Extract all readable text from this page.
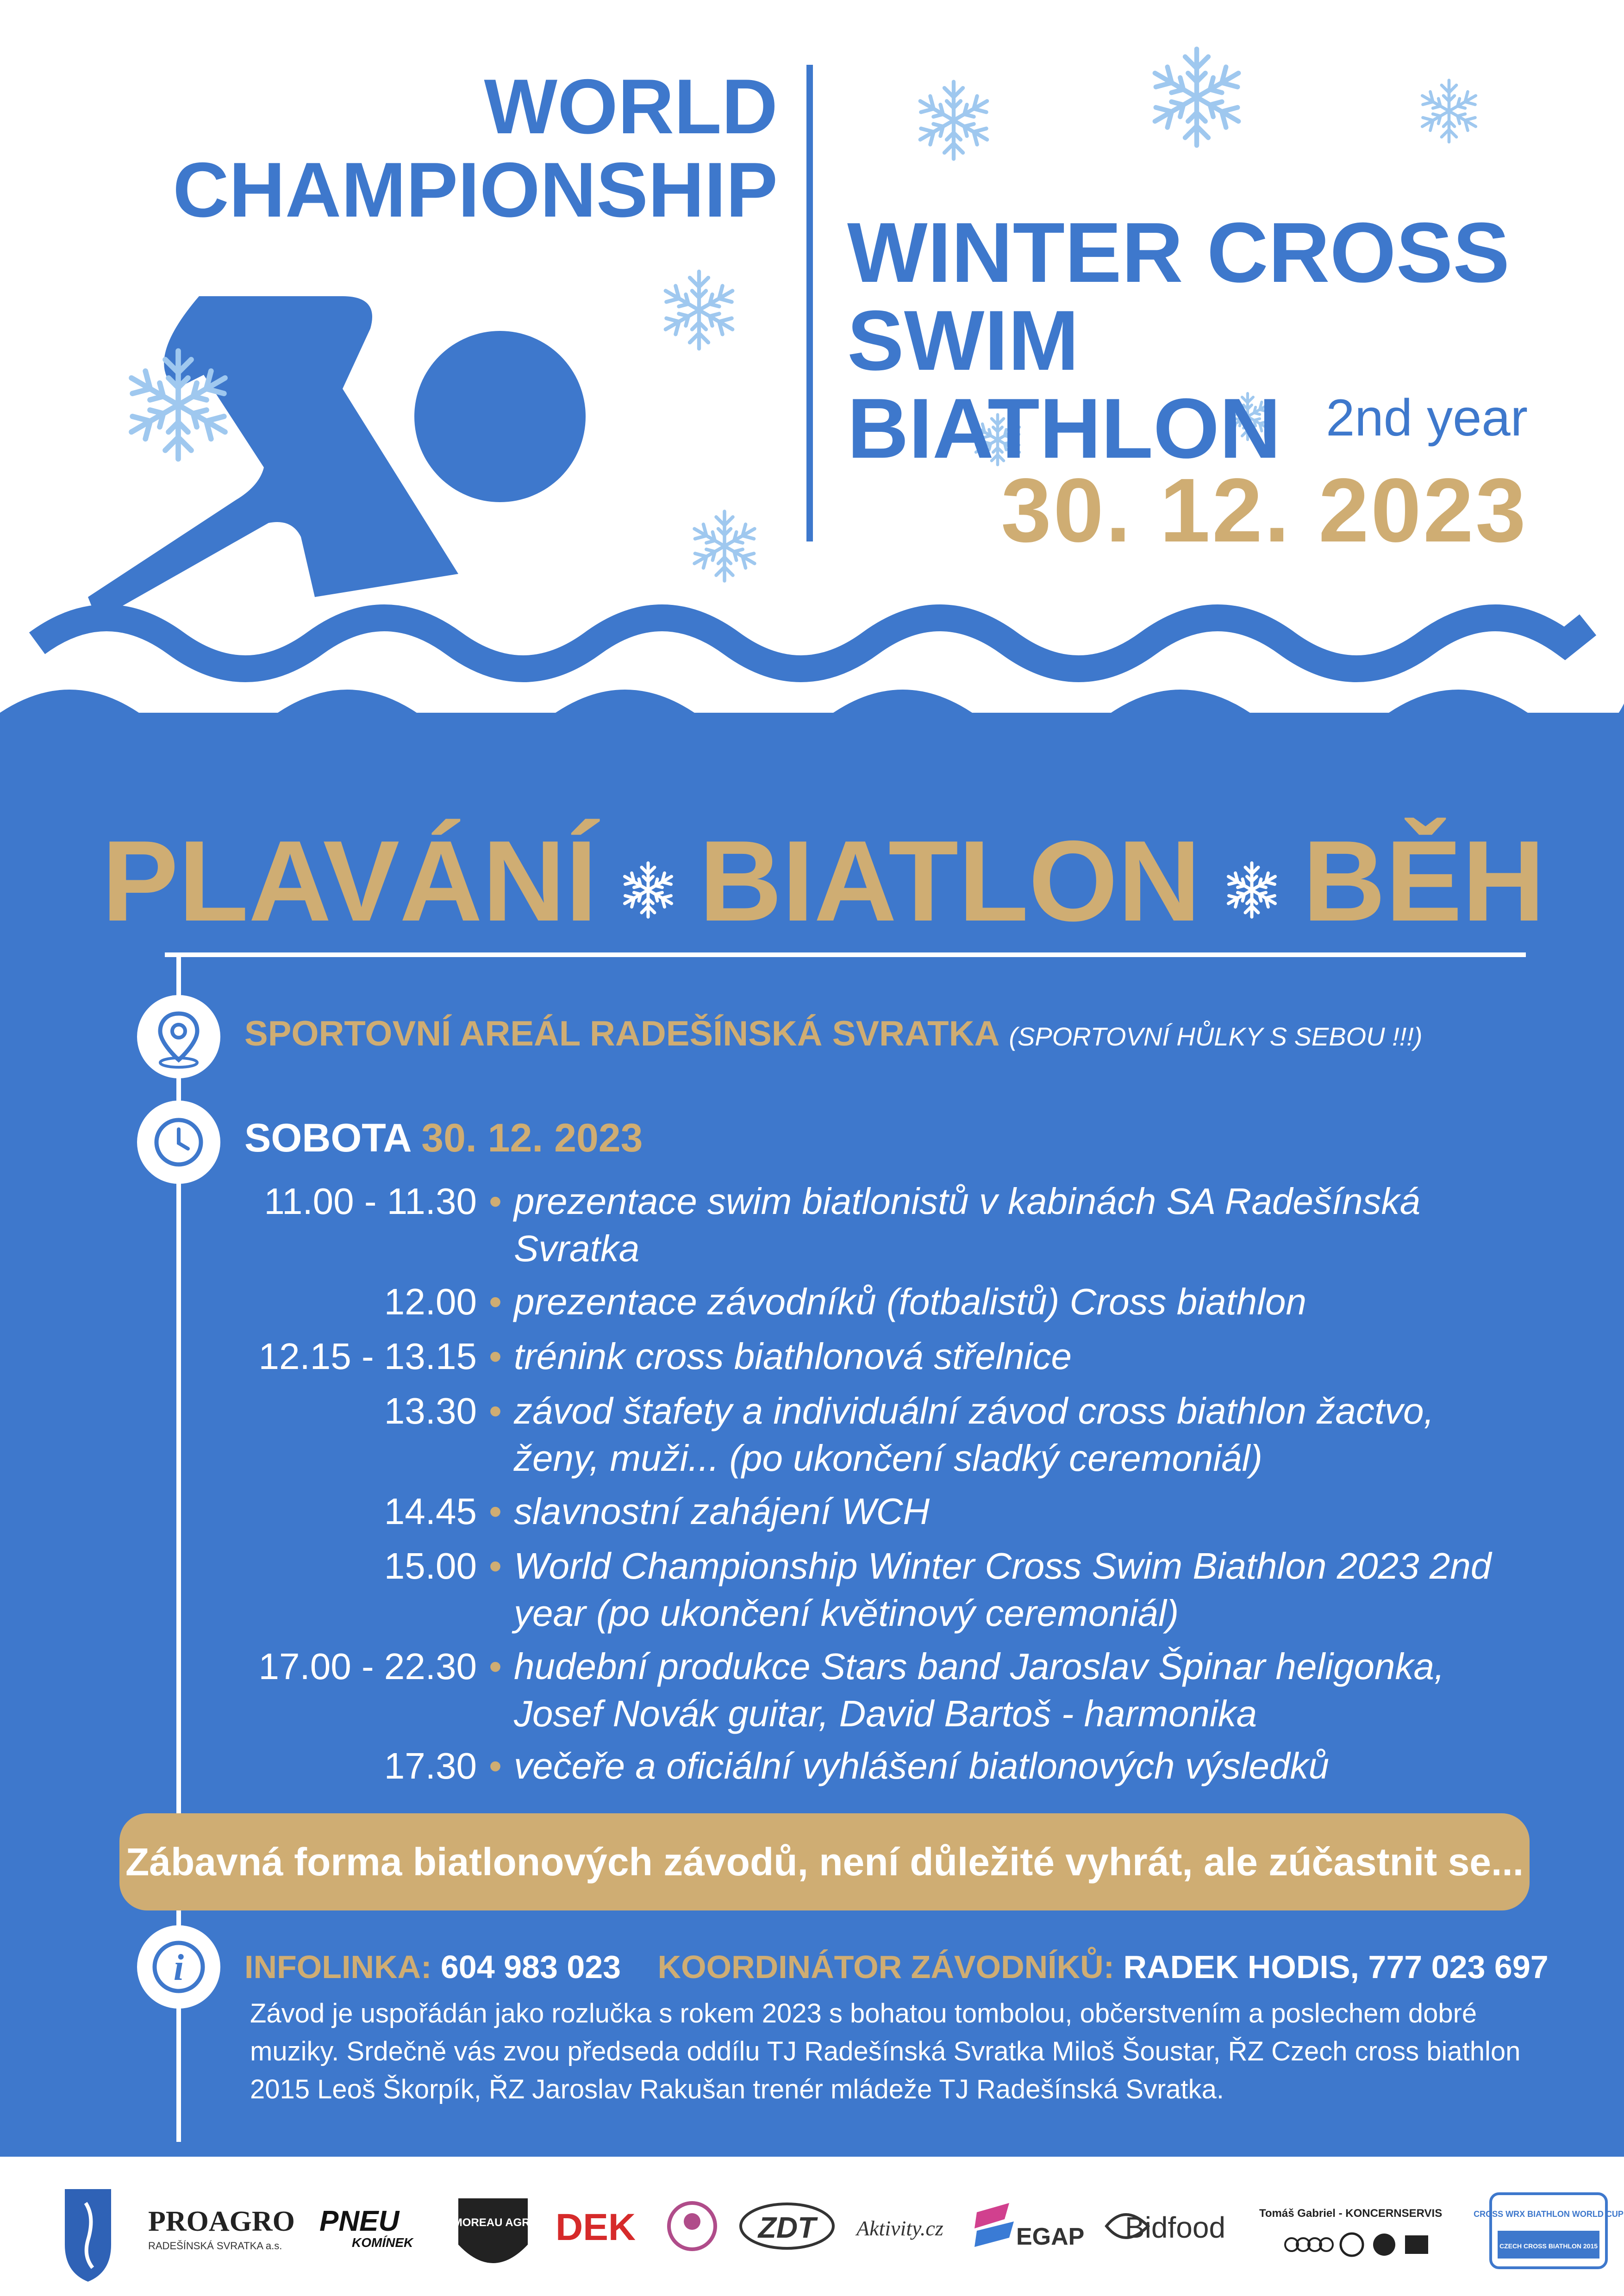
WORLD
CHAMPIONSHIP
WINTER CROSS
SWIM BIATHLON 2nd year
30. 12. 2023
PLAVÁNÍ BIATLON BĚH
SPORTOVNÍ AREÁL RADEŠÍNSKÁ SVRATKA (SPORTOVNÍ HŮLKY S SEBOU !!!)
SOBOTA 30. 12. 2023
11.00 - 11.30 • prezentace swim biatlonistů v kabinách SA Radešínská Svratka
12.00 • prezentace závodníků (fotbalistů) Cross biathlon
12.15 - 13.15 • trénink cross biathlonová střelnice
13.30 • závod štafety a individuální závod cross biathlon žactvo, ženy, muži... (po ukončení sladký ceremoniál)
14.45 • slavnostní zahájení WCH
15.00 • World Championship Winter Cross Swim Biathlon 2023 2nd year (po ukončení květinový ceremoniál)
17.00 - 22.30 • hudební produkce Stars band Jaroslav Špinar heligonka, Josef Novák guitar, David Bartoš - harmonika
17.30 • večeře a oficiální vyhlášení biatlonových výsledků
Zábavná forma biatlonových závodů, není důležité vyhrát, ale zúčastnit se...
i INFOLINKA: 604 983 023 KOORDINÁTOR ZÁVODNÍKŮ: RADEK HODIS, 777 023 697
Závod je uspořádán jako rozlučka s rokem 2023 s bohatou tombolou, občerstvením a poslechem dobré muziky. Srdečně vás zvou předseda oddílu TJ Radešínská Svratka Miloš Šoustar, ŘZ Czech cross biathlon 2015 Leoš Škorpík, ŘZ Jaroslav Rakušan trenér mládeže TJ Radešínská Svratka.
PROAGRO
RADEŠÍNSKÁ SVRATKA a.s.
PNEU
KOMÍNEK
MOREAU AGRI DEK	ZDT Aktivity.cz	EGAP Bidfood	Tomáš Gabriel - KONCERNSERVIS	CROSS WRX BIATHLON WORLD CUP
CZECH CROSS BIATHLON 2015
